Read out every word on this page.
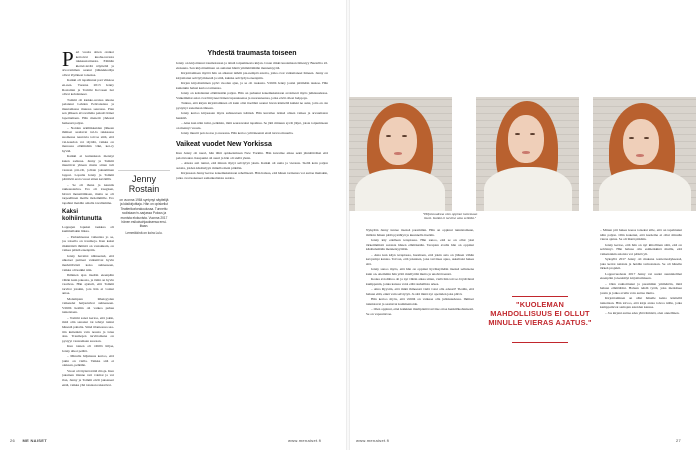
Pari vuotta sitten otsikot kertoivat kuohu-tavasta rakkaustarinasta. Elämän kiertel-levää näytteliä ja aivovamman saanut jääkiekkoilija olivat löytäneet toisensa.

Kaikki oli tapahtunut pari viikkoa en-nen. Vuonna 2013 Jenny Rostainin ja Tommi Kovasen tiet olivat kohdanneet.

Tommi oli kiekko-uransa aikana pelannut Lahden Pelicansissa ja muutamassa muussa seurassa. Pian sen jälkeen aivovamma pakotti hänet lopettamaan. Hän menetti yhdessä hetkessä paljon.

– Noiden arkiliikkeiden jälkeen ihmiset saattavat tul-la rakkaassa suomessa nauravia toivoa siitä, että vai-kaudon voi täyttää, vaikka on menossa eläminään väki, ker-ry hyvää.

Kaikki ei kuitenkaan mennyt kuten sadussa. Jenny ja Tommi muuttivat yhteen mutta sitten tuli vastaan päi-vät, jolloin jaksaminen loppui. Lopulta Jenny ja Tommi päättivät erota vuosi sitten keväällä.

– Se oli ihana ja kauniis rakkaustarina. Ero oli traagisen, hirveä menettämisen, mutta se oli tarpeellinen meille molemmille. Ero tapahtui meidän omalla tavallamme.

Kaksi kolhiintunutta

Loppujen lopuksi taakkaa oli kummallakin liikaa.

– Parisuhteessa vaikuttaa jo se, jos toisella on traumoja. Kun kaksi rikkinäistä ihmistä on vastakkain, on vaikea päästä eteenpäin.

Jenny havaitsi nähneensä, että ulkoiset puitteet vaikuttivat hyvin merkittävästi koko suhteeseen, vaikka oli kaikki niin.

Ihminen ajaa itseään eteenpäin vähän kuin pakosta, ja tämä on hyvin vaativaa. Hän ajatteli, että Tommi tarvitsi jotakin, jota hän ei voinut antaa.

Molempien läheisyyden vaikeudet heijastuivat suhteeseen. Välillä heidän oli vaikea puhua tunteistaan.

– Tommi sanoi kertoa, että jokin, mitä olin sanonut tai tehnyt tuntui hänestä pahalta. Siinä tilanteessa saa-tiin kuitenkin vain nousta ja istua alas. Traumojen tarvittamana on pystyyt vastaamaan suoraan.

Kun toinen oli välillä hiljaa, Jenny alkoi pelätä.

– Minulle hiljaisuus kertoo, että jokin on vialla. Vaikka sitä ei olekaan, pelkään.

Vuosi oli täynnä näitä riitoja. Kun jokainen tilanne veti voimat ja vei ilon, Jenny ja Tommi eivät jaksaneet enää, vaikka yhä toisiaan rakastivat.

Jenny Rostain
on vuonna 1984 syntynyt näyttelijä ja käsikirjoittaja. Hän on opiskellut Teatterikorkeakoulussa. Tunnettu roolistaan tv-sarjassa Putous ja monista elokuvista. Vuonna 2017 hänen esikoisohjauksensa ensi-iltaan.
Lemmikkinä on koira Lulu.
Yhdestä traumasta toiseen

Jenny on kirjoittanut traumoistaan ja niistä toipumisesta kirjan. Lisan riikki kuolemaan ilmestyy Bazarilta 22. elokuuta. Sen kirjoittaminen on auttanut häntä ymmärtämään menneisyyttä.

Kirjoittamisen myötä hän on alkanut nähdä pie-nempiä asioita, jotka ovat vaikuttaneet häneen. Jenny on kirjoittanut selviytymisestä ja siitä, kuinka selviydyn eteenpäin.

Kirjan kirjoittaminen pyöri vuoden ajan, ja se oli raskasta. Välillä Jenny joutui pitämään taukoa. Hän kuitenkin halusi kertoa tarinansa.

Jenny on kohdannut elämässään paljon. Hän on puhunut kokemuksistaan avoimesti myös julkisuudessa. Vaikeimmat asiat ovat liittyneet hänen lapsuuteensa ja nuoruuteensa, jotka eivät olleet helppoja.

Tuntuu, että kirjan kirjoittaminen oli kuin olisi itseltäni saanut luvan käsitellä kaikki ne asiat, joita en ole pystynyt sanomaan ääneen.

Jenny kertoo kirjassaan myös suhteestaan isäänsä. Hän kuvailee isänsä olleen vaikea ja arvaamaton henkilö.

– Aina kun näin isäni, pelkäsin, mitä seuraavaksi tapahtuu. Se jätti minuun syvät jäljet, joista toipumiseen on mennyt vuosia.

Jenny muutti pois kotoa jo nuorena. Hän kertoo yrittäneensä etsiä turvaa muualta.

Vaikeat vuodet New Yorkissa

Kun Jenny oli nuori, hän lähti opiskelemaan New Yorkiin. Hän kuvailee aikaa sekä jännittäväksi että pelottavaksi. Kaupunki oli suuri ja hän oli siellä yksin.

– Alusta asti tuntui, että minun täytyi selviytyä yksin. Kaikki oli uutta ja vierasta. Siellä koin paljon asioita, joiden käsittelyyn minulla meni pitkään.

Kirjassaan Jenny kertoo kokemuksistaan rehellisesti. Hän haluaa, että hänen tarinansa voi auttaa muitakin, jotka ovat kokeneet samankaltaisia asioita.

"Hiljaisuudessa olen oppinut tuntemaan itseni. Kaikki ei tarvitse aina selittää."

Nykyään Jenny tuntee itsensä paremmin. Hän on oppinut tunnistamaan, milloin hänen pitää pysähtyä ja kuunnella itseään.

Jenny käy edelleen terapiassa. Hän sanoo, että se on ollut yksi tärkeimmistä asioista hänen elämässään. Terapian avulla hän on oppinut käsittelemään menneisyyttään.

– Aina kun käyn terapiassa, huomaan, että jokin asia on jälleen vähän kevyempi kantaa. Toivon, että jokainen, joka tarvitsee apua, uskaltaisi hakea sitä.

Jenny sanoo myös, että hän on oppinut hyväksymään itsensä sellaisena kuin on. Aiemmin hän yritti miellyttää muita ja unohti itsensä.

Koska avioliittoa oli ja nyt vähän aikaa sitten, vielä hän toivoo löytävänsä kumppanin, jonka kanssa voisi elää rauhallista arkea.

– Aina Ryystin, että mikä ihmeessä vielä voisi olla edessä? Tiedän, että haluan elää, enkä vain selviytyä. Ja sitä minä nyt opettelen joka päivä.

Hän kertoo myös, että välillä on vaikeaa olla julkisuudessa. Ihmiset tunnistavat ja saattavat kommentoida.

– Olen oppinut, ettei kaikkien mielipiteitä tarvitse ottaa henkilökohtaisesti. Se on vapauttavaa.

"KUOLEMAN MAHDOLLISUUS EI OLLUT MINULLE VIERAS AJATUS."

– Minun piti hakea kaaos toiseksi sille, että on tapahtunut näin paljon. Olin kokenut, että kuolema ei ollut minulle vieras ajatus. Se oli läsnä pitkään.

Jenny kertoo, että hän on nyt kiitollinen siitä, että on selvinnyt. Hän haluaa olla esimerkkinä muille, että vaikeistakin asioista voi päästä yli.

Syksyllä 2017 Jenny oli mukana teatteriesityksessä, joka kertoi naisista ja heidän tarinoistaan. Se oli hänelle tärkeä projekti.

Loppuvuodesta 2017 Jenny vei uudet suunnitelmat eteenpäin ja keskittyi kirjoittamiseen.

– Olen rauhoittunut ja paremmin ymmärrän, mitä haluan elämältäni. Haluan tehdä työtä, joka merkitsee jotain ja jonka avulla voin auttaa muita.

Kirjoittaminen on ollut hänelle keino käsitellä tunteitaan. Hän toivoo, että kirja antaa toivoa niille, jotka kamppailevat samojen asioiden kanssa.

– Jos kirjani auttaa edes yhtä ihmistä, olen onnellinen.

26 ME NAISET	www.menaiset.fi	www.menaiset.fi	27
